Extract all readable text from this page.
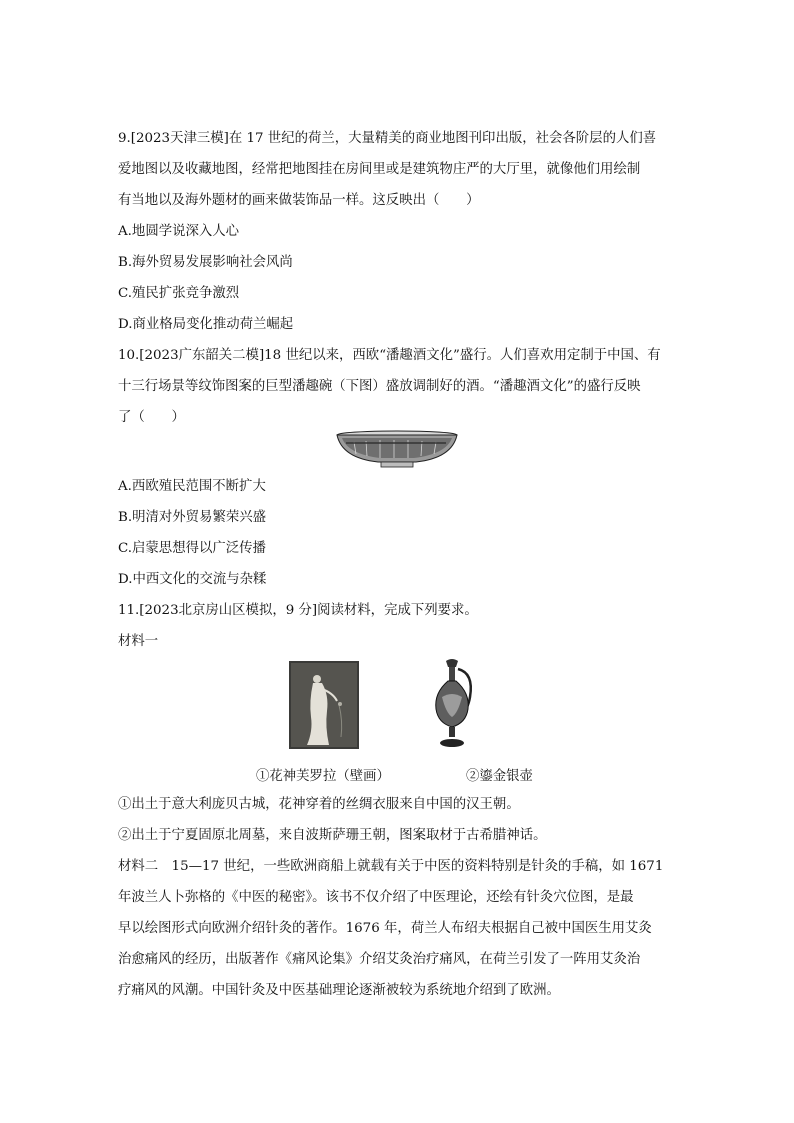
9.[2023天津三模]在 17 世纪的荷兰，大量精美的商业地图刊印出版，社会各阶层的人们喜
爱地图以及收藏地图，经常把地图挂在房间里或是建筑物庄严的大厅里，就像他们用绘制
有当地以及海外题材的画来做装饰品一样。这反映出（　　）
A.地圆学说深入人心
B.海外贸易发展影响社会风尚
C.殖民扩张竞争激烈
D.商业格局变化推动荷兰崛起
10.[2023广东韶关二模]18 世纪以来，西欧“潘趣酒文化”盛行。人们喜欢用定制于中国、有
十三行场景等纹饰图案的巨型潘趣碗（下图）盛放调制好的酒。“潘趣酒文化”的盛行反映
了（　　）
A.西欧殖民范围不断扩大
B.明清对外贸易繁荣兴盛
C.启蒙思想得以广泛传播
D.中西文化的交流与杂糅
11.[2023北京房山区模拟，9 分]阅读材料，完成下列要求。
材料一
①花神芙罗拉（壁画）	②鎏金银壶
①出土于意大利庞贝古城，花神穿着的丝绸衣服来自中国的汉王朝。
②出土于宁夏固原北周墓，来自波斯萨珊王朝，图案取材于古希腊神话。
材料二　15—17 世纪，一些欧洲商船上就载有关于中医的资料特别是针灸的手稿，如 1671
年波兰人卜弥格的《中医的秘密》。该书不仅介绍了中医理论，还绘有针灸穴位图，是最
早以绘图形式向欧洲介绍针灸的著作。1676 年，荷兰人布绍夫根据自己被中国医生用艾灸
治愈痛风的经历，出版著作《痛风论集》介绍艾灸治疗痛风，在荷兰引发了一阵用艾灸治
疗痛风的风潮。中国针灸及中医基础理论逐渐被较为系统地介绍到了欧洲。
